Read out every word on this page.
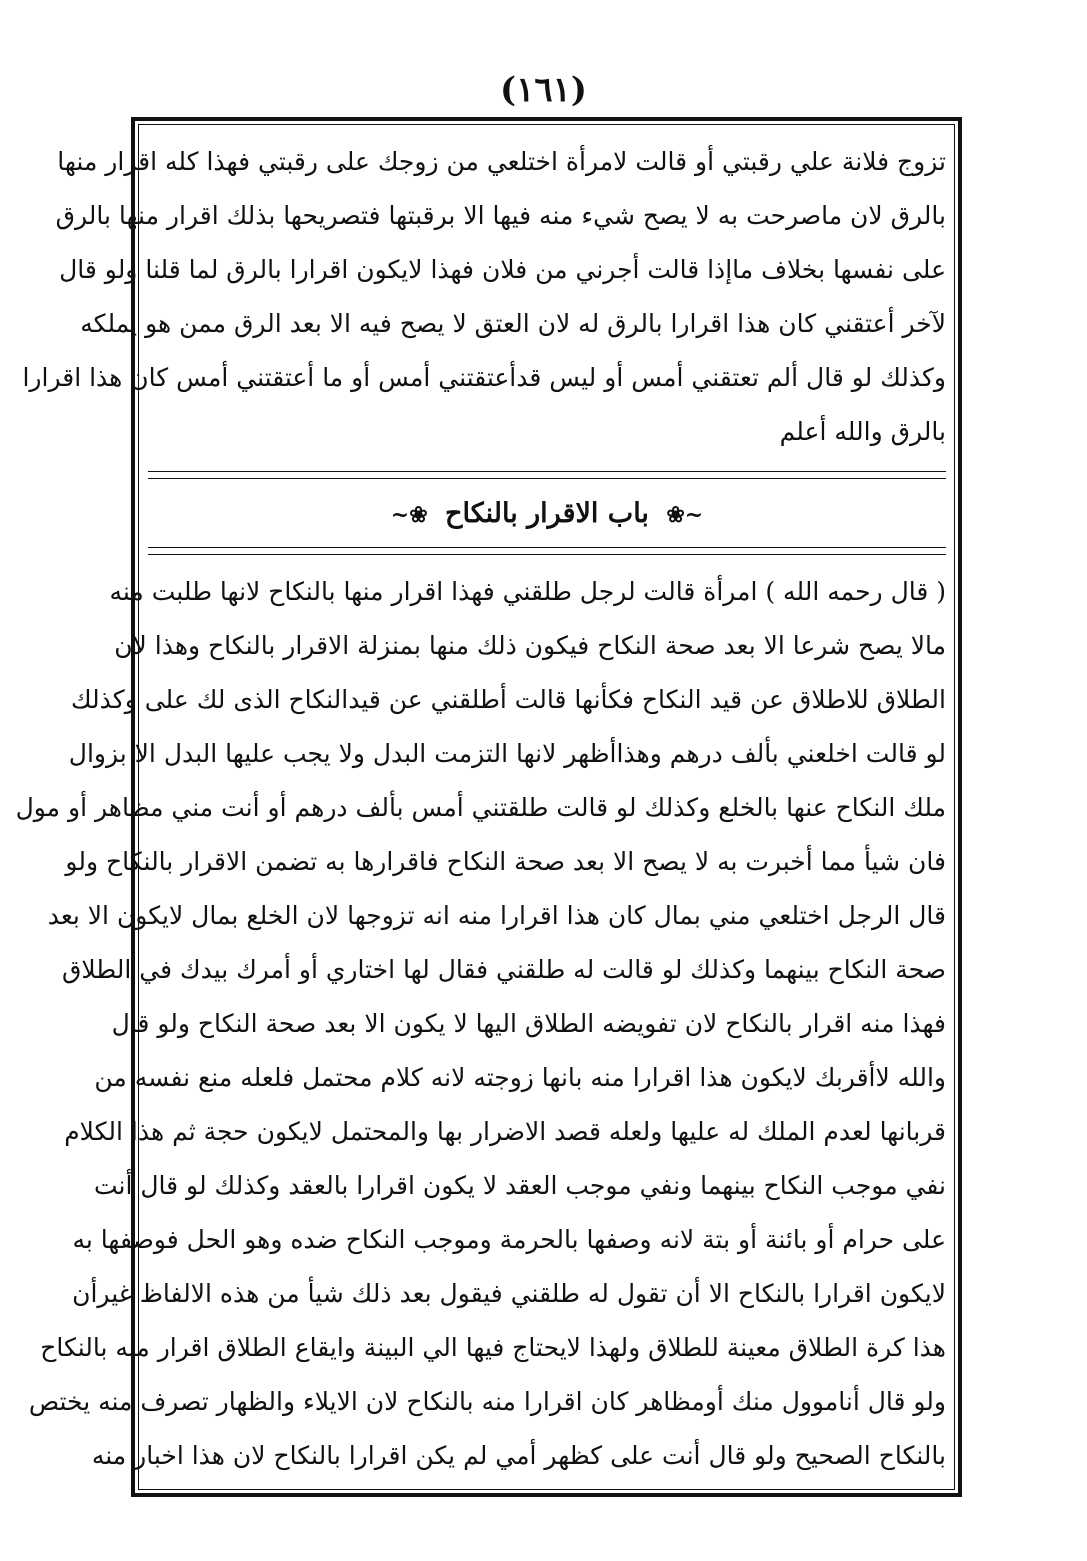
(١٦١)
تزوج فلانة علي رقبتي أو قالت لامرأة اختلعي من زوجك على رقبتي فهذا كله اقرار منها
بالرق لان ماصرحت به لا يصح شيء منه فيها الا برقبتها فتصريحها بذلك اقرار منها بالرق
على نفسها بخلاف ماإذا قالت أجرني من فلان فهذا لايكون اقرارا بالرق لما قلنا ولو قال
لآخر أعتقني كان هذا اقرارا بالرق له لان العتق لا يصح فيه الا بعد الرق ممن هو يملكه
وكذلك لو قال ألم تعتقني أمس أو ليس قدأعتقتني أمس أو ما أعتقتني أمس كان هذا اقرارا
بالرق والله أعلم
~❀ باب الاقرار بالنكاح ❀~
( قال رحمه الله ) امرأة قالت لرجل طلقني فهذا اقرار منها بالنكاح لانها طلبت منه
مالا يصح شرعا الا بعد صحة النكاح فيكون ذلك منها بمنزلة الاقرار بالنكاح وهذا لان
الطلاق للاطلاق عن قيد النكاح فكأنها قالت أطلقني عن قيدالنكاح الذى لك على وكذلك
لو قالت اخلعني بألف درهم وهذاأظهر لانها التزمت البدل ولا يجب عليها البدل الا بزوال
ملك النكاح عنها بالخلع وكذلك لو قالت طلقتني أمس بألف درهم أو أنت مني مظاهر أو مول
فان شيأ مما أخبرت به لا يصح الا بعد صحة النكاح فاقرارها به تضمن الاقرار بالنكاح ولو
قال الرجل اختلعي مني بمال كان هذا اقرارا منه انه تزوجها لان الخلع بمال لايكون الا بعد
صحة النكاح بينهما وكذلك لو قالت له طلقني فقال لها اختاري أو أمرك بيدك في الطلاق
فهذا منه اقرار بالنكاح لان تفويضه الطلاق اليها لا يكون الا بعد صحة النكاح ولو قال
والله لاأقربك لايكون هذا اقرارا منه بانها زوجته لانه كلام محتمل فلعله منع نفسه من
قربانها لعدم الملك له عليها ولعله قصد الاضرار بها والمحتمل لايكون حجة ثم هذا الكلام
نفي موجب النكاح بينهما ونفي موجب العقد لا يكون اقرارا بالعقد وكذلك لو قال أنت
على حرام أو بائنة أو بتة لانه وصفها بالحرمة وموجب النكاح ضده وهو الحل فوصفها به
لايكون اقرارا بالنكاح الا أن تقول له طلقني فيقول بعد ذلك شيأ من هذه الالفاظ غيرأن
هذا كرة الطلاق معينة للطلاق ولهذا لايحتاج فيها الي البينة وايقاع الطلاق اقرار منه بالنكاح
ولو قال أناموول منك أومظاهر كان اقرارا منه بالنكاح لان الايلاء والظهار تصرف منه يختص
بالنكاح الصحيح ولو قال أنت على كظهر أمي لم يكن اقرارا بالنكاح لان هذا اخبار منه
